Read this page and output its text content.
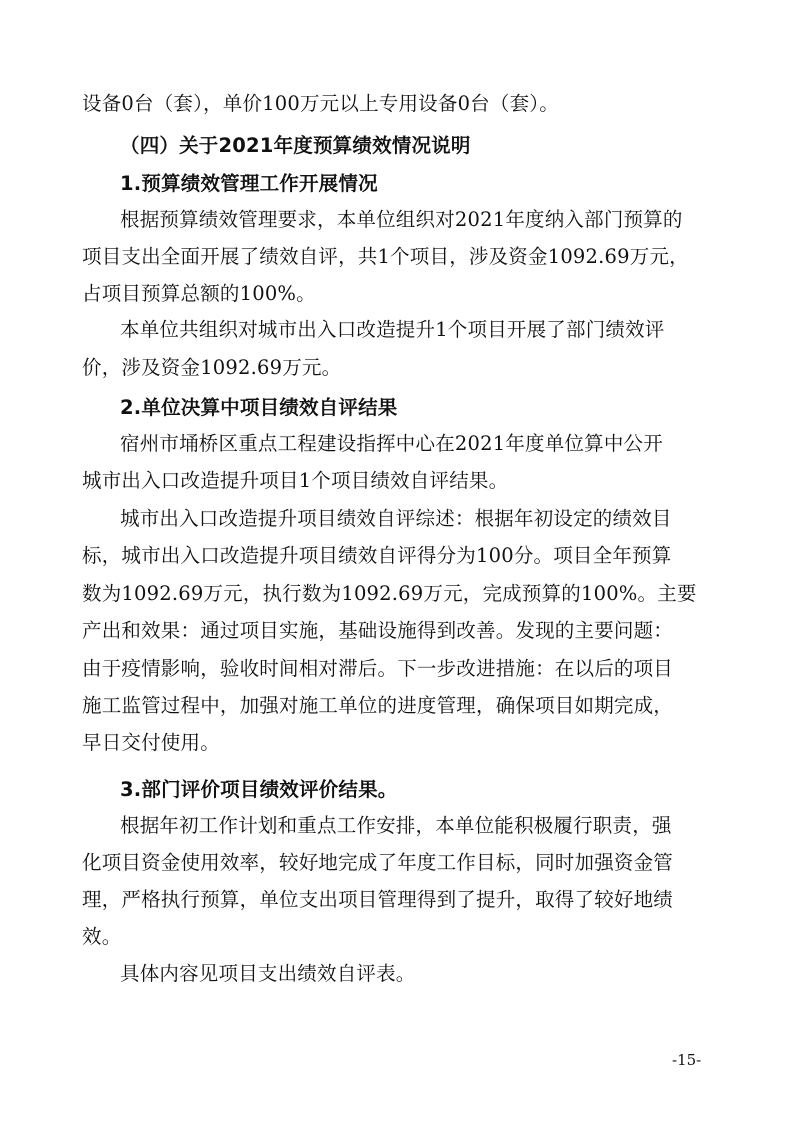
设备0台（套），单价100万元以上专用设备0台（套）。
（四）关于2021年度预算绩效情况说明
1.预算绩效管理工作开展情况
根据预算绩效管理要求，本单位组织对2021年度纳入部门预算的
项目支出全面开展了绩效自评，共1个项目，涉及资金1092.69万元，
占项目预算总额的100%。
本单位共组织对城市出入口改造提升1个项目开展了部门绩效评
价，涉及资金1092.69万元。
2.单位决算中项目绩效自评结果
宿州市埇桥区重点工程建设指挥中心在2021年度单位算中公开
城市出入口改造提升项目1个项目绩效自评结果。
城市出入口改造提升项目绩效自评综述：根据年初设定的绩效目
标，城市出入口改造提升项目绩效自评得分为100分。项目全年预算
数为1092.69万元，执行数为1092.69万元，完成预算的100%。主要
产出和效果：通过项目实施，基础设施得到改善。发现的主要问题：
由于疫情影响，验收时间相对滞后。下一步改进措施：在以后的项目
施工监管过程中，加强对施工单位的进度管理，确保项目如期完成，
早日交付使用。
3.部门评价项目绩效评价结果。
根据年初工作计划和重点工作安排，本单位能积极履行职责，强
化项目资金使用效率，较好地完成了年度工作目标，同时加强资金管
理，严格执行预算，单位支出项目管理得到了提升，取得了较好地绩
效。
具体内容见项目支出绩效自评表。
-15-
